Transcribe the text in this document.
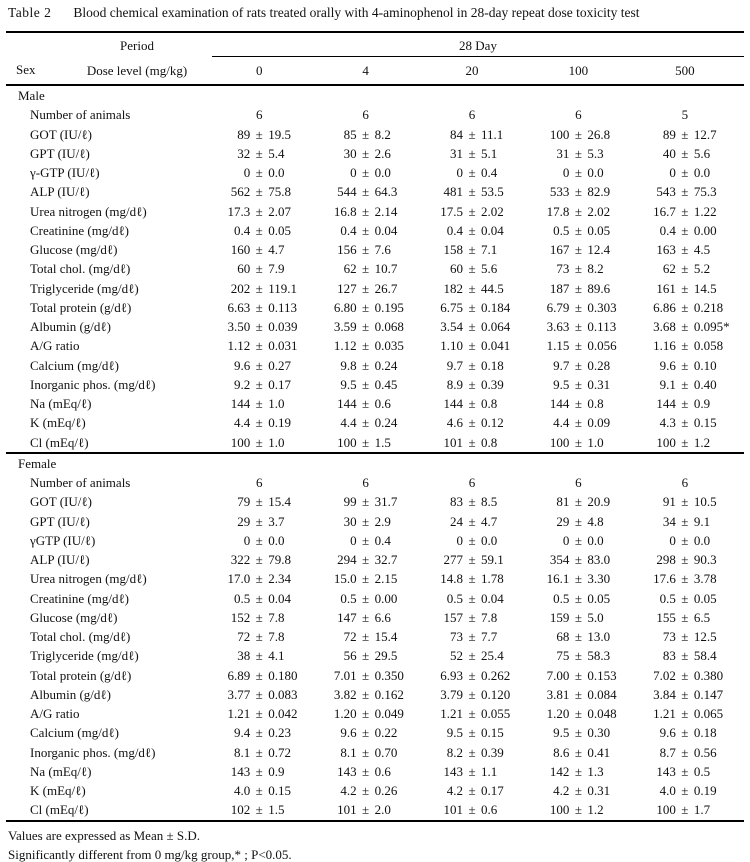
Table 2 Blood chemical examination of rats treated orally with 4-aminophenol in 28-day repeat dose toxicity test
Sex
Period
Dose level (mg/kg)
28 Day
0	4	20	100	500
Male
Number of animals	6	6	6	6	5
GOT (IU/ℓ)	89 ± 19.5	85 ± 8.2	84 ± 11.1	100 ± 26.8	89 ± 12.7
GPT (IU/ℓ)	32 ± 5.4	30 ± 2.6	31 ± 5.1	31 ± 5.3	40 ± 5.6
γ-GTP (IU/ℓ)	0 ± 0.0	0 ± 0.0	0 ± 0.4	0 ± 0.0	0 ± 0.0
ALP (IU/ℓ)	562 ± 75.8	544 ± 64.3	481 ± 53.5	533 ± 82.9	543 ± 75.3
Urea nitrogen (mg/dℓ)	17.3 ± 2.07	16.8 ± 2.14	17.5 ± 2.02	17.8 ± 2.02	16.7 ± 1.22
Creatinine (mg/dℓ)	0.4 ± 0.05	0.4 ± 0.04	0.4 ± 0.04	0.5 ± 0.05	0.4 ± 0.00
Glucose (mg/dℓ)	160 ± 4.7	156 ± 7.6	158 ± 7.1	167 ± 12.4	163 ± 4.5
Total chol. (mg/dℓ)	60 ± 7.9	62 ± 10.7	60 ± 5.6	73 ± 8.2	62 ± 5.2
Triglyceride (mg/dℓ)	202 ± 119.1	127 ± 26.7	182 ± 44.5	187 ± 89.6	161 ± 14.5
Total protein (g/dℓ)	6.63 ± 0.113	6.80 ± 0.195	6.75 ± 0.184	6.79 ± 0.303	6.86 ± 0.218
Albumin (g/dℓ)	3.50 ± 0.039	3.59 ± 0.068	3.54 ± 0.064	3.63 ± 0.113	3.68 ± 0.095*
A/G ratio	1.12 ± 0.031	1.12 ± 0.035	1.10 ± 0.041	1.15 ± 0.056	1.16 ± 0.058
Calcium (mg/dℓ)	9.6 ± 0.27	9.8 ± 0.24	9.7 ± 0.18	9.7 ± 0.28	9.6 ± 0.10
Inorganic phos. (mg/dℓ)	9.2 ± 0.17	9.5 ± 0.45	8.9 ± 0.39	9.5 ± 0.31	9.1 ± 0.40
Na (mEq/ℓ)	144 ± 1.0	144 ± 0.6	144 ± 0.8	144 ± 0.8	144 ± 0.9
K (mEq/ℓ)	4.4 ± 0.19	4.4 ± 0.24	4.6 ± 0.12	4.4 ± 0.09	4.3 ± 0.15
Cl (mEq/ℓ)	100 ± 1.0	100 ± 1.5	101 ± 0.8	100 ± 1.0	100 ± 1.2
Female
Number of animals	6	6	6	6	6
GOT (IU/ℓ)	79 ± 15.4	99 ± 31.7	83 ± 8.5	81 ± 20.9	91 ± 10.5
GPT (IU/ℓ)	29 ± 3.7	30 ± 2.9	24 ± 4.7	29 ± 4.8	34 ± 9.1
γGTP (IU/ℓ)	0 ± 0.0	0 ± 0.4	0 ± 0.0	0 ± 0.0	0 ± 0.0
ALP (IU/ℓ)	322 ± 79.8	294 ± 32.7	277 ± 59.1	354 ± 83.0	298 ± 90.3
Urea nitrogen (mg/dℓ)	17.0 ± 2.34	15.0 ± 2.15	14.8 ± 1.78	16.1 ± 3.30	17.6 ± 3.78
Creatinine (mg/dℓ)	0.5 ± 0.04	0.5 ± 0.00	0.5 ± 0.04	0.5 ± 0.05	0.5 ± 0.05
Glucose (mg/dℓ)	152 ± 7.8	147 ± 6.6	157 ± 7.8	159 ± 5.0	155 ± 6.5
Total chol. (mg/dℓ)	72 ± 7.8	72 ± 15.4	73 ± 7.7	68 ± 13.0	73 ± 12.5
Triglyceride (mg/dℓ)	38 ± 4.1	56 ± 29.5	52 ± 25.4	75 ± 58.3	83 ± 58.4
Total protein (g/dℓ)	6.89 ± 0.180	7.01 ± 0.350	6.93 ± 0.262	7.00 ± 0.153	7.02 ± 0.380
Albumin (g/dℓ)	3.77 ± 0.083	3.82 ± 0.162	3.79 ± 0.120	3.81 ± 0.084	3.84 ± 0.147
A/G ratio	1.21 ± 0.042	1.20 ± 0.049	1.21 ± 0.055	1.20 ± 0.048	1.21 ± 0.065
Calcium (mg/dℓ)	9.4 ± 0.23	9.6 ± 0.22	9.5 ± 0.15	9.5 ± 0.30	9.6 ± 0.18
Inorganic phos. (mg/dℓ)	8.1 ± 0.72	8.1 ± 0.70	8.2 ± 0.39	8.6 ± 0.41	8.7 ± 0.56
Na (mEq/ℓ)	143 ± 0.9	143 ± 0.6	143 ± 1.1	142 ± 1.3	143 ± 0.5
K (mEq/ℓ)	4.0 ± 0.15	4.2 ± 0.26	4.2 ± 0.17	4.2 ± 0.31	4.0 ± 0.19
Cl (mEq/ℓ)	102 ± 1.5	101 ± 2.0	101 ± 0.6	100 ± 1.2	100 ± 1.7
Values are expressed as Mean ± S.D.
Significantly different from 0 mg/kg group,* ; P<0.05.
